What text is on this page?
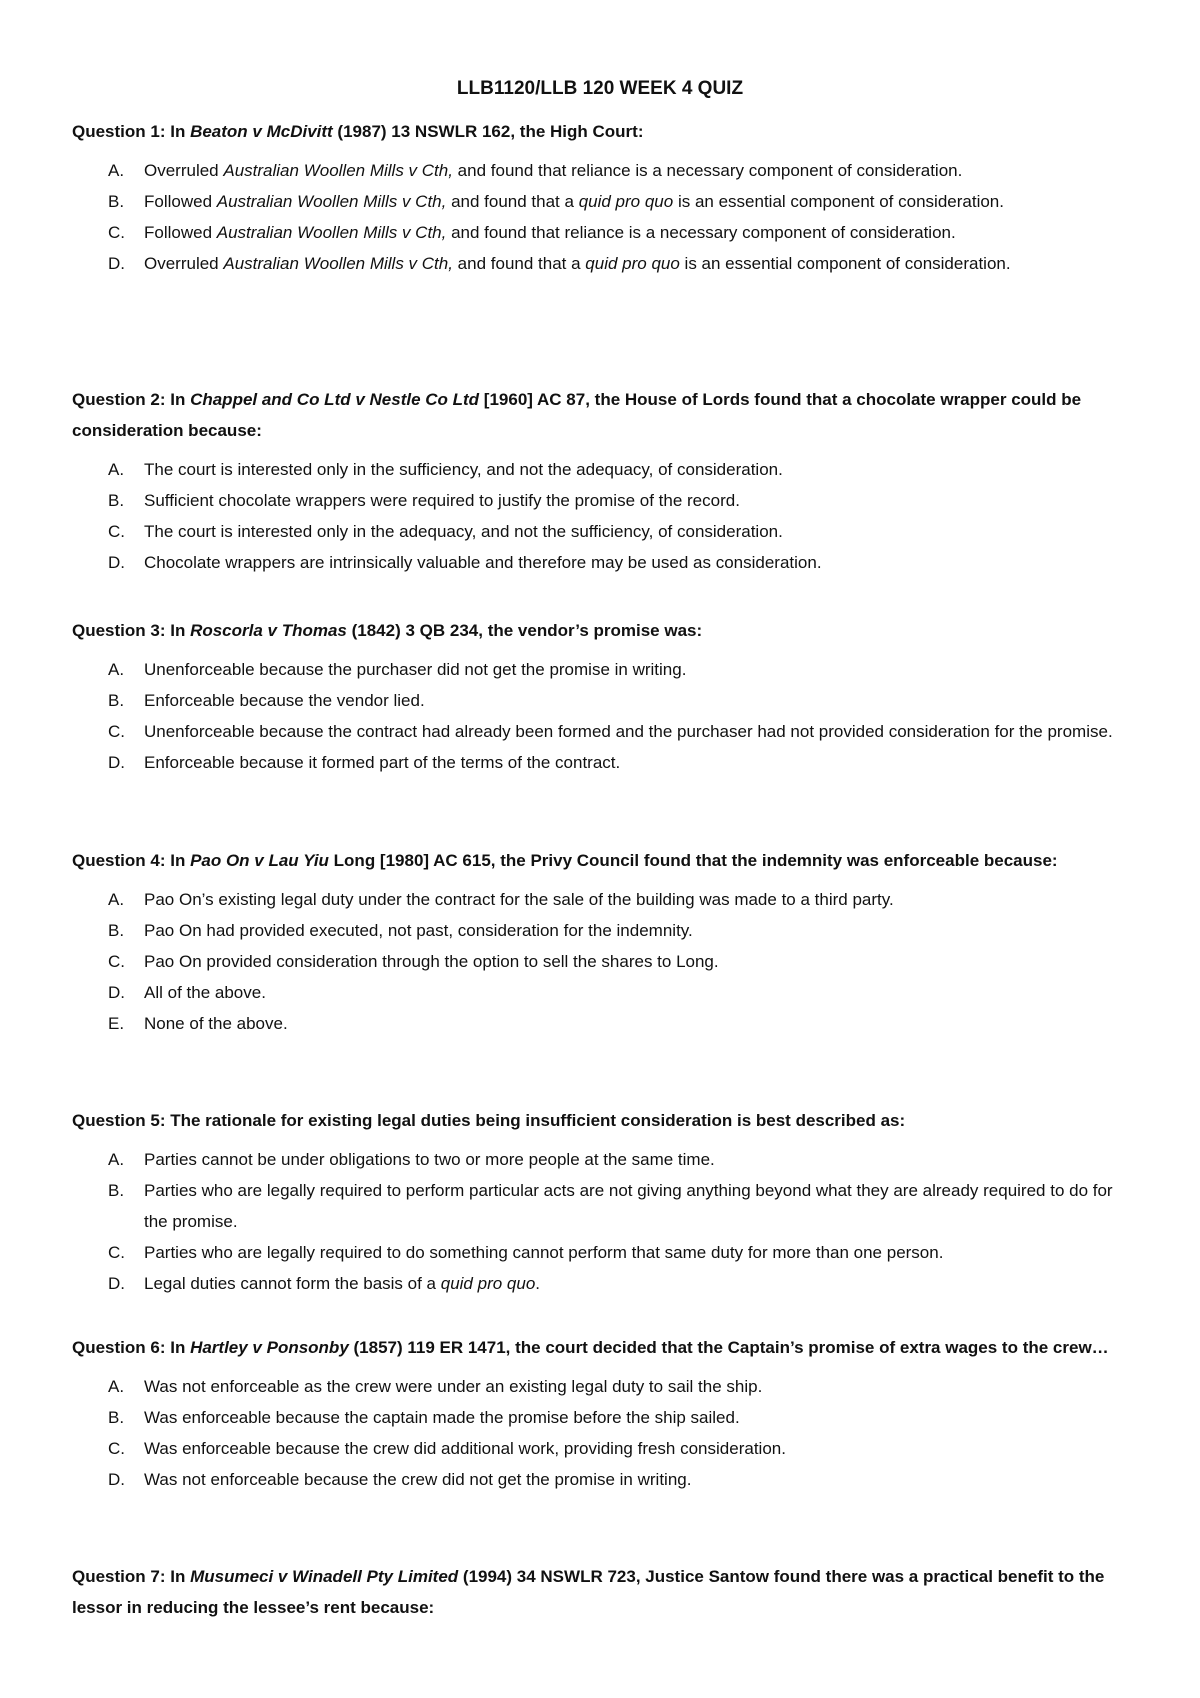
LLB1120/LLB 120 WEEK 4 QUIZ

Question 1: In Beaton v McDivitt (1987) 13 NSWLR 162, the High Court:

A. Overruled Australian Woollen Mills v Cth, and found that reliance is a necessary component of consideration.
B. Followed Australian Woollen Mills v Cth, and found that a quid pro quo is an essential component of consideration.
C. Followed Australian Woollen Mills v Cth, and found that reliance is a necessary component of consideration.
D. Overruled Australian Woollen Mills v Cth, and found that a quid pro quo is an essential component of consideration.

Question 2: In Chappel and Co Ltd v Nestle Co Ltd [1960] AC 87, the House of Lords found that a chocolate wrapper could be consideration because:

A. The court is interested only in the sufficiency, and not the adequacy, of consideration.
B. Sufficient chocolate wrappers were required to justify the promise of the record.
C. The court is interested only in the adequacy, and not the sufficiency, of consideration.
D. Chocolate wrappers are intrinsically valuable and therefore may be used as consideration.

Question 3: In Roscorla v Thomas (1842) 3 QB 234, the vendor’s promise was:

A. Unenforceable because the purchaser did not get the promise in writing.
B. Enforceable because the vendor lied.
C. Unenforceable because the contract had already been formed and the purchaser had not provided consideration for the promise.
D. Enforceable because it formed part of the terms of the contract.

Question 4: In Pao On v Lau Yiu Long [1980] AC 615, the Privy Council found that the indemnity was enforceable because:

A. Pao On’s existing legal duty under the contract for the sale of the building was made to a third party.
B. Pao On had provided executed, not past, consideration for the indemnity.
C. Pao On provided consideration through the option to sell the shares to Long.
D. All of the above.
E. None of the above.

Question 5: The rationale for existing legal duties being insufficient consideration is best described as:

A. Parties cannot be under obligations to two or more people at the same time.
B. Parties who are legally required to perform particular acts are not giving anything beyond what they are already required to do for the promise.
C. Parties who are legally required to do something cannot perform that same duty for more than one person.
D. Legal duties cannot form the basis of a quid pro quo.

Question 6: In Hartley v Ponsonby (1857) 119 ER 1471, the court decided that the Captain’s promise of extra wages to the crew…

A. Was not enforceable as the crew were under an existing legal duty to sail the ship.
B. Was enforceable because the captain made the promise before the ship sailed.
C. Was enforceable because the crew did additional work, providing fresh consideration.
D. Was not enforceable because the crew did not get the promise in writing.

Question 7: In Musumeci v Winadell Pty Limited (1994) 34 NSWLR 723, Justice Santow found there was a practical benefit to the lessor in reducing the lessee’s rent because:
